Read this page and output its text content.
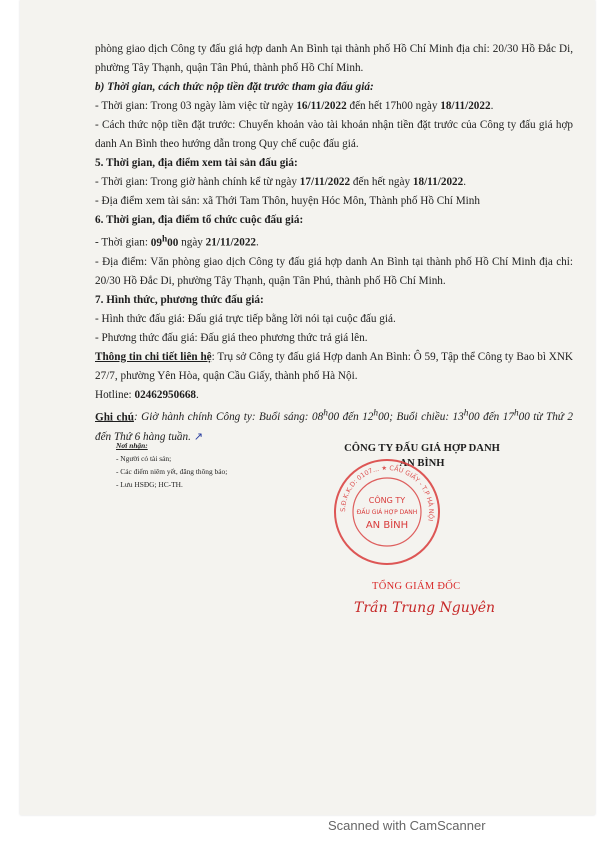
phòng giao dịch Công ty đấu giá hợp danh An Bình tại thành phố Hồ Chí Minh địa chỉ: 20/30 Hồ Đắc Di, phường Tây Thạnh, quận Tân Phú, thành phố Hồ Chí Minh.

b) Thời gian, cách thức nộp tiền đặt trước tham gia đấu giá:

- Thời gian: Trong 03 ngày làm việc từ ngày 16/11/2022 đến hết 17h00 ngày 18/11/2022.

- Cách thức nộp tiền đặt trước: Chuyển khoản vào tài khoản nhận tiền đặt trước của Công ty đấu giá hợp danh An Bình theo hướng dẫn trong Quy chế cuộc đấu giá.

5. Thời gian, địa điểm xem tài sản đấu giá:

- Thời gian: Trong giờ hành chính kể từ ngày 17/11/2022 đến hết ngày 18/11/2022.

- Địa điểm xem tài sản: xã Thới Tam Thôn, huyện Hóc Môn, Thành phố Hồ Chí Minh

6. Thời gian, địa điểm tổ chức cuộc đấu giá:

- Thời gian: 09$^h$00 ngày 21/11/2022.

- Địa điểm: Văn phòng giao dịch Công ty đấu giá hợp danh An Bình tại thành phố Hồ Chí Minh địa chỉ: 20/30 Hồ Đắc Di, phường Tây Thạnh, quận Tân Phú, thành phố Hồ Chí Minh.

7. Hình thức, phương thức đấu giá:

- Hình thức đấu giá: Đấu giá trực tiếp bằng lời nói tại cuộc đấu giá.

- Phương thức đấu giá: Đấu giá theo phương thức trả giá lên.

Thông tin chi tiết liên hệ: Trụ sở Công ty đấu giá Hợp danh An Bình: Ô 59, Tập thể Công ty Bao bì XNK 27/7, phường Yên Hòa, quận Cầu Giấy, thành phố Hà Nội.

Hotline: 02462950668.

Ghi chú: Giờ hành chính Công ty: Buổi sáng: 08$^h$00 đến 12$^h$00; Buổi chiều: 13$^h$00 đến 17$^h$00 từ Thứ 2 đến Thứ 6 hàng tuần. ↗

Nơi nhận:
- Người có tài sản;
- Các điểm niêm yết, đăng thông báo;
- Lưu HSĐG; HC-TH.
CÔNG TY ĐẤU GIÁ HỢP DANH
AN BÌNH
S.Đ.K.K.D: 0107... ★ CẦU GIẤY - T.P HÀ NỘI
CÔNG TY
ĐẤU GIÁ HỢP DANH
AN BÌNH
TỔNG GIÁM ĐỐC
Trần Trung Nguyên
Scanned with CamScanner
